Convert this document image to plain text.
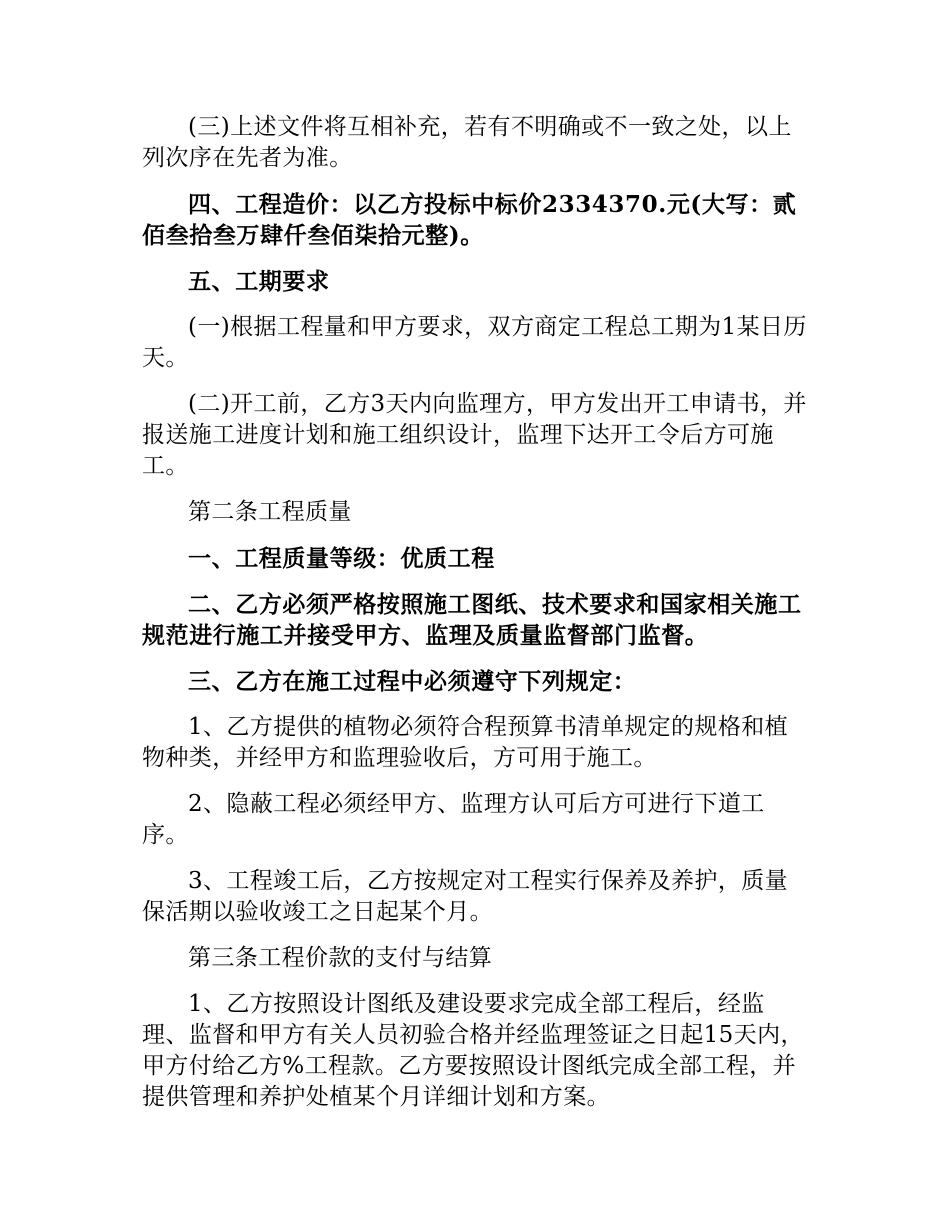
(三)上述文件将互相补充，若有不明确或不一致之处，以上列次序在先者为准。

四、工程造价：以乙方投标中标价2334370.元(大写：贰佰叁拾叁万肆仟叁佰柒拾元整)。

五、工期要求

(一)根据工程量和甲方要求，双方商定工程总工期为1某日历天。

(二)开工前，乙方3天内向监理方，甲方发出开工申请书，并报送施工进度计划和施工组织设计，监理下达开工令后方可施工。

第二条工程质量

一、工程质量等级：优质工程

二、乙方必须严格按照施工图纸、技术要求和国家相关施工规范进行施工并接受甲方、监理及质量监督部门监督。

三、乙方在施工过程中必须遵守下列规定：

1、乙方提供的植物必须符合程预算书清单规定的规格和植物种类，并经甲方和监理验收后，方可用于施工。

2、隐蔽工程必须经甲方、监理方认可后方可进行下道工序。

3、工程竣工后，乙方按规定对工程实行保养及养护，质量保活期以验收竣工之日起某个月。

第三条工程价款的支付与结算

1、乙方按照设计图纸及建设要求完成全部工程后，经监理、监督和甲方有关人员初验合格并经监理签证之日起15天内，甲方付给乙方%工程款。乙方要按照设计图纸完成全部工程，并提供管理和养护处植某个月详细计划和方案。
